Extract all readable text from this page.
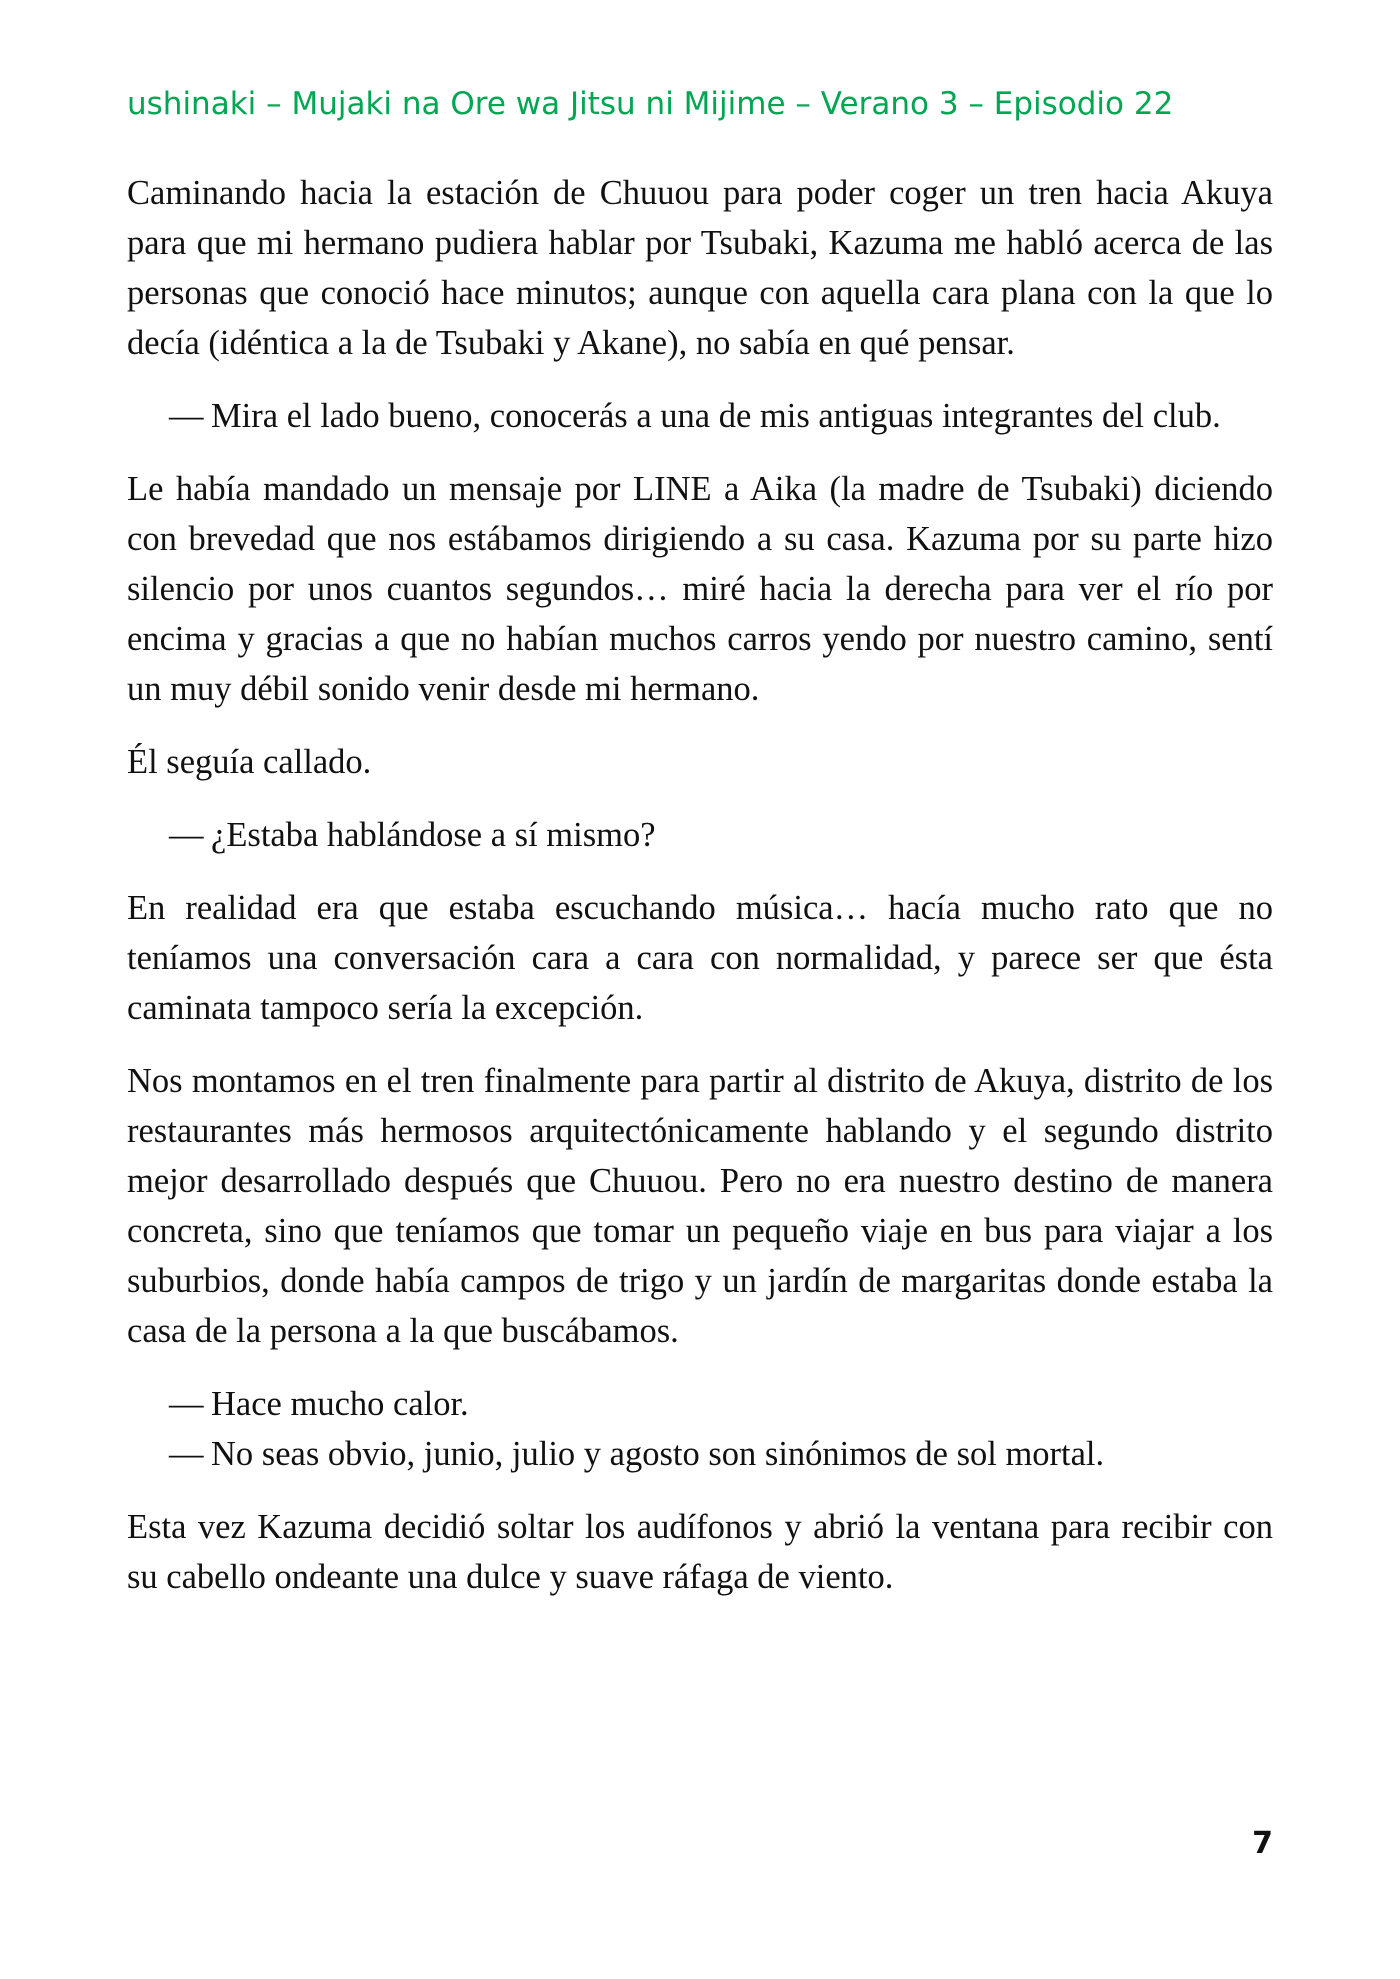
ushinaki – Mujaki na Ore wa Jitsu ni Mijime – Verano 3 – Episodio 22

Caminando hacia la estación de Chuuou para poder coger un tren hacia Akuya para que mi hermano pudiera hablar por Tsubaki, Kazuma me habló acerca de las personas que conoció hace minutos; aunque con aquella cara plana con la que lo decía (idéntica a la de Tsubaki y Akane), no sabía en qué pensar.

— Mira el lado bueno, conocerás a una de mis antiguas integrantes del club.

Le había mandado un mensaje por LINE a Aika (la madre de Tsubaki) diciendo con brevedad que nos estábamos dirigiendo a su casa. Kazuma por su parte hizo silencio por unos cuantos segundos… miré hacia la derecha para ver el río por encima y gracias a que no habían muchos carros yendo por nuestro camino, sentí un muy débil sonido venir desde mi hermano.

Él seguía callado.

— ¿Estaba hablándose a sí mismo?

En realidad era que estaba escuchando música… hacía mucho rato que no teníamos una conversación cara a cara con normalidad, y parece ser que ésta caminata tampoco sería la excepción.

Nos montamos en el tren finalmente para partir al distrito de Akuya, distrito de los restaurantes más hermosos arquitectónicamente hablando y el segundo distrito mejor desarrollado después que Chuuou. Pero no era nuestro destino de manera concreta, sino que teníamos que tomar un pequeño viaje en bus para viajar a los suburbios, donde había campos de trigo y un jardín de margaritas donde estaba la casa de la persona a la que buscábamos.

— Hace mucho calor.
— No seas obvio, junio, julio y agosto son sinónimos de sol mortal.

Esta vez Kazuma decidió soltar los audífonos y abrió la ventana para recibir con su cabello ondeante una dulce y suave ráfaga de viento.

7
